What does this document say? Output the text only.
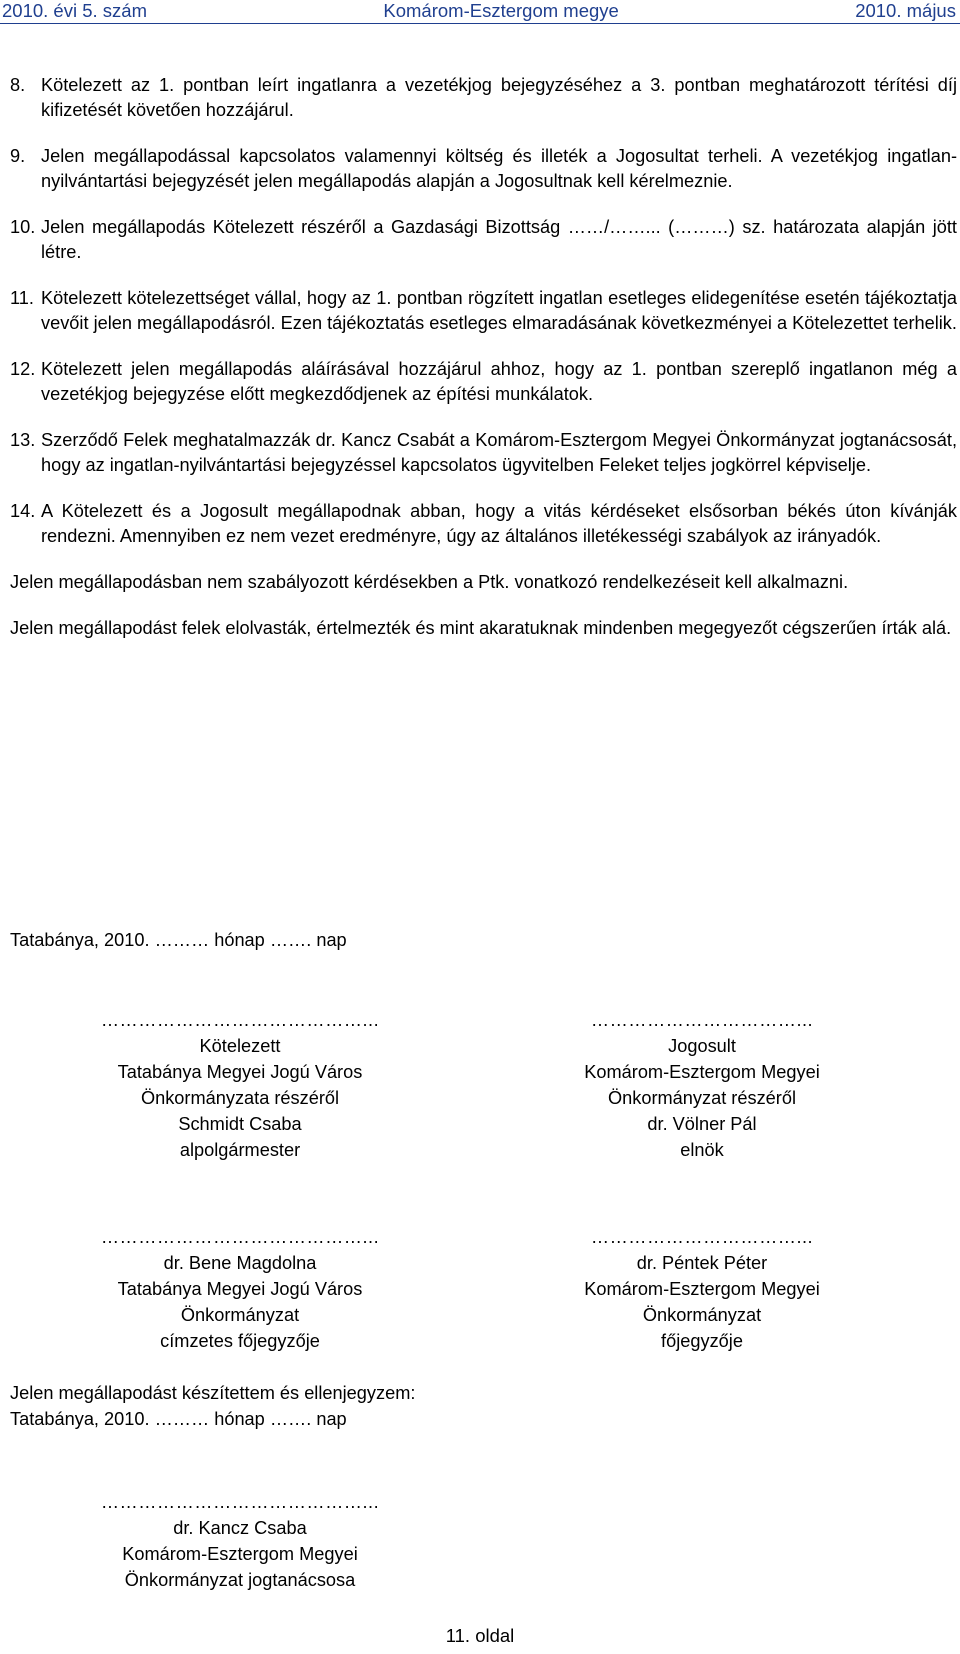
2010. évi 5. szám	Komárom-Esztergom megye	2010. május
8. Kötelezett az 1. pontban leírt ingatlanra a vezetékjog bejegyzéséhez a 3. pontban meghatározott térítési díj kifizetését követően hozzájárul.
9. Jelen megállapodással kapcsolatos valamennyi költség és illeték a Jogosultat terheli. A vezetékjog ingatlan-nyilvántartási bejegyzését jelen megállapodás alapján a Jogosultnak kell kérelmeznie.
10. Jelen megállapodás Kötelezett részéről a Gazdasági Bizottság ……/……... (………) sz. határozata alapján jött létre.
11. Kötelezett kötelezettséget vállal, hogy az 1. pontban rögzített ingatlan esetleges elidegenítése esetén tájékoztatja vevőit jelen megállapodásról. Ezen tájékoztatás esetleges elmaradásának következményei a Kötelezettet terhelik.
12. Kötelezett jelen megállapodás aláírásával hozzájárul ahhoz, hogy az 1. pontban szereplő ingatlanon még a vezetékjog bejegyzése előtt megkezdődjenek az építési munkálatok.
13. Szerződő Felek meghatalmazzák dr. Kancz Csabát a Komárom-Esztergom Megyei Önkormányzat jogtanácsosát, hogy az ingatlan-nyilvántartási bejegyzéssel kapcsolatos ügyvitelben Feleket teljes jogkörrel képviselje.
14. A Kötelezett és a Jogosult megállapodnak abban, hogy a vitás kérdéseket elsősorban békés úton kívánják rendezni. Amennyiben ez nem vezet eredményre, úgy az általános illetékességi szabályok az irányadók.

Jelen megállapodásban nem szabályozott kérdésekben a Ptk. vonatkozó rendelkezéseit kell alkalmazni.

Jelen megállapodást felek elolvasták, értelmezték és mint akaratuknak mindenben megegyezőt cégszerűen írták alá.

Tatabánya, 2010. ……… hónap ……. nap
……………………………………...
Kötelezett
Tatabánya Megyei Jogú Város
Önkormányzata részéről
Schmidt Csaba
alpolgármester
……………………………...
Jogosult
Komárom-Esztergom Megyei
Önkormányzat részéről
dr. Völner Pál
elnök
……………………………………...
dr. Bene Magdolna
Tatabánya Megyei Jogú Város
Önkormányzat
címzetes főjegyzője
……………………………...
dr. Péntek Péter
Komárom-Esztergom Megyei
Önkormányzat
főjegyzője
Jelen megállapodást készítettem és ellenjegyzem:
Tatabánya, 2010. ……… hónap ……. nap
……………………………………...
dr. Kancz Csaba
Komárom-Esztergom Megyei
Önkormányzat jogtanácsosa
11. oldal
